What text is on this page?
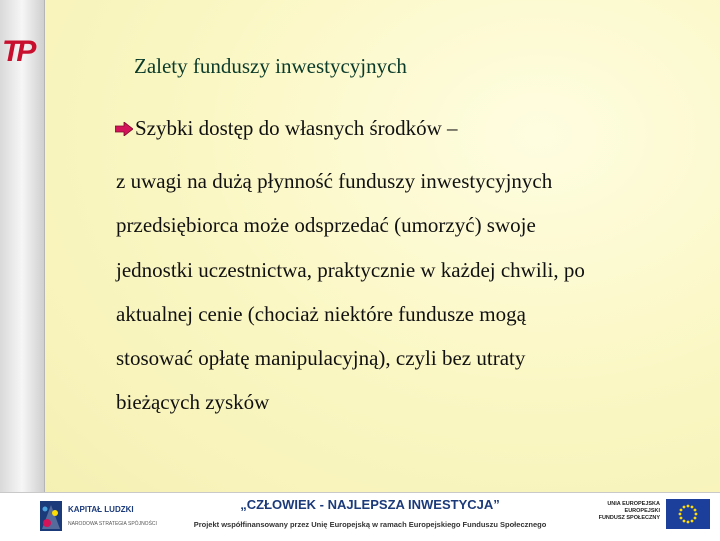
TP	Zalety funduszy inwestycyjnych
Szybki dostęp do własnych środków –
z uwagi na dużą płynność funduszy inwestycyjnych
przedsiębiorca może odsprzedać (umorzyć) swoje
jednostki uczestnictwa, praktycznie w każdej chwili, po
aktualnej cenie (chociaż niektóre fundusze mogą
stosować opłatę manipulacyjną), czyli bez utraty
bieżących zysków
KAPITAŁ LUDZKI
NARODOWA STRATEGIA SPÓJNOŚCI
„CZŁOWIEK - NAJLEPSZA INWESTYCJA”
Projekt współfinansowany przez Unię Europejską w ramach Europejskiego Funduszu Społecznego
UNIA EUROPEJSKA
EUROPEJSKI
FUNDUSZ SPOŁECZNY
